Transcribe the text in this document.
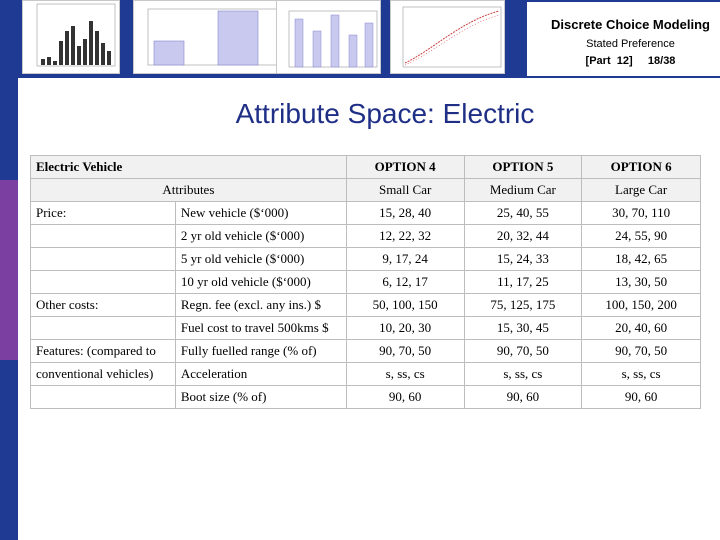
Discrete Choice Modeling
Stated Preference
[Part  12]     18/38
Attribute Space: Electric
Electric Vehicle		OPTION 4	OPTION 5	OPTION 6
Attributes		Small Car	Medium Car	Large Car
Price:	New vehicle ($‘000)	15, 28, 40	25, 40, 55	30, 70, 110
	2 yr old vehicle ($‘000)	12, 22, 32	20, 32, 44	24, 55, 90
	5 yr old vehicle ($‘000)	9, 17, 24	15, 24, 33	18, 42, 65
	10 yr old vehicle ($‘000)	6, 12, 17	11, 17, 25	13, 30, 50
Other costs:	Regn. fee (excl. any ins.) $	50, 100, 150	75, 125, 175	100, 150, 200
	Fuel cost to travel 500kms $	10, 20, 30	15, 30, 45	20, 40, 60
Features: (compared to	Fully fuelled range (% of)	90, 70, 50	90, 70, 50	90, 70, 50
conventional vehicles)	Acceleration	s, ss, cs	s, ss, cs	s, ss, cs
	Boot size (% of)	90, 60	90, 60	90, 60
